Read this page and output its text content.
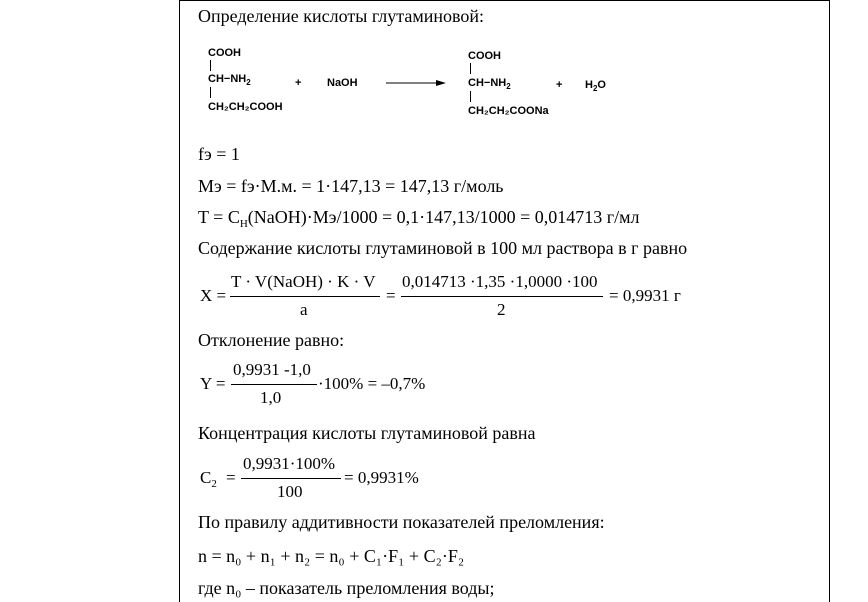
Определение кислоты глутаминовой:
COOH
$CH-NH_2$
CH₂CH₂COOH
+ NaOH
COOH
$CH-NH_2$
CH₂CH₂COONa
+ $H_2O$
fэ = 1
Mэ = fэ·M.м. = 1·147,13 = 147,13 г/моль
$T = C_Н(NaOH)\cdot Mэ/1000 = 0,1\cdot 147,13/1000 = 0,014713$ г/мл
Содержание кислоты глутаминовой в 100 мл раствора в г равно
X =
T · V(NaOH) · K · V
a
=
0,014713 ·1,35 ·1,0000 ·100
2
= 0,9931 г
Отклонение равно:
Y =
0,9931 -1,0
1,0
·100% = –0,7%
Концентрация кислоты глутаминовой равна
$C_2$ =
0,9931·100%
100
= 0,9931%
По правилу аддитивности показателей преломления:
n = n₀ + n₁ + n₂ = n₀ + C₁·F₁ + C₂·F₂
где n₀ – показатель преломления воды;
